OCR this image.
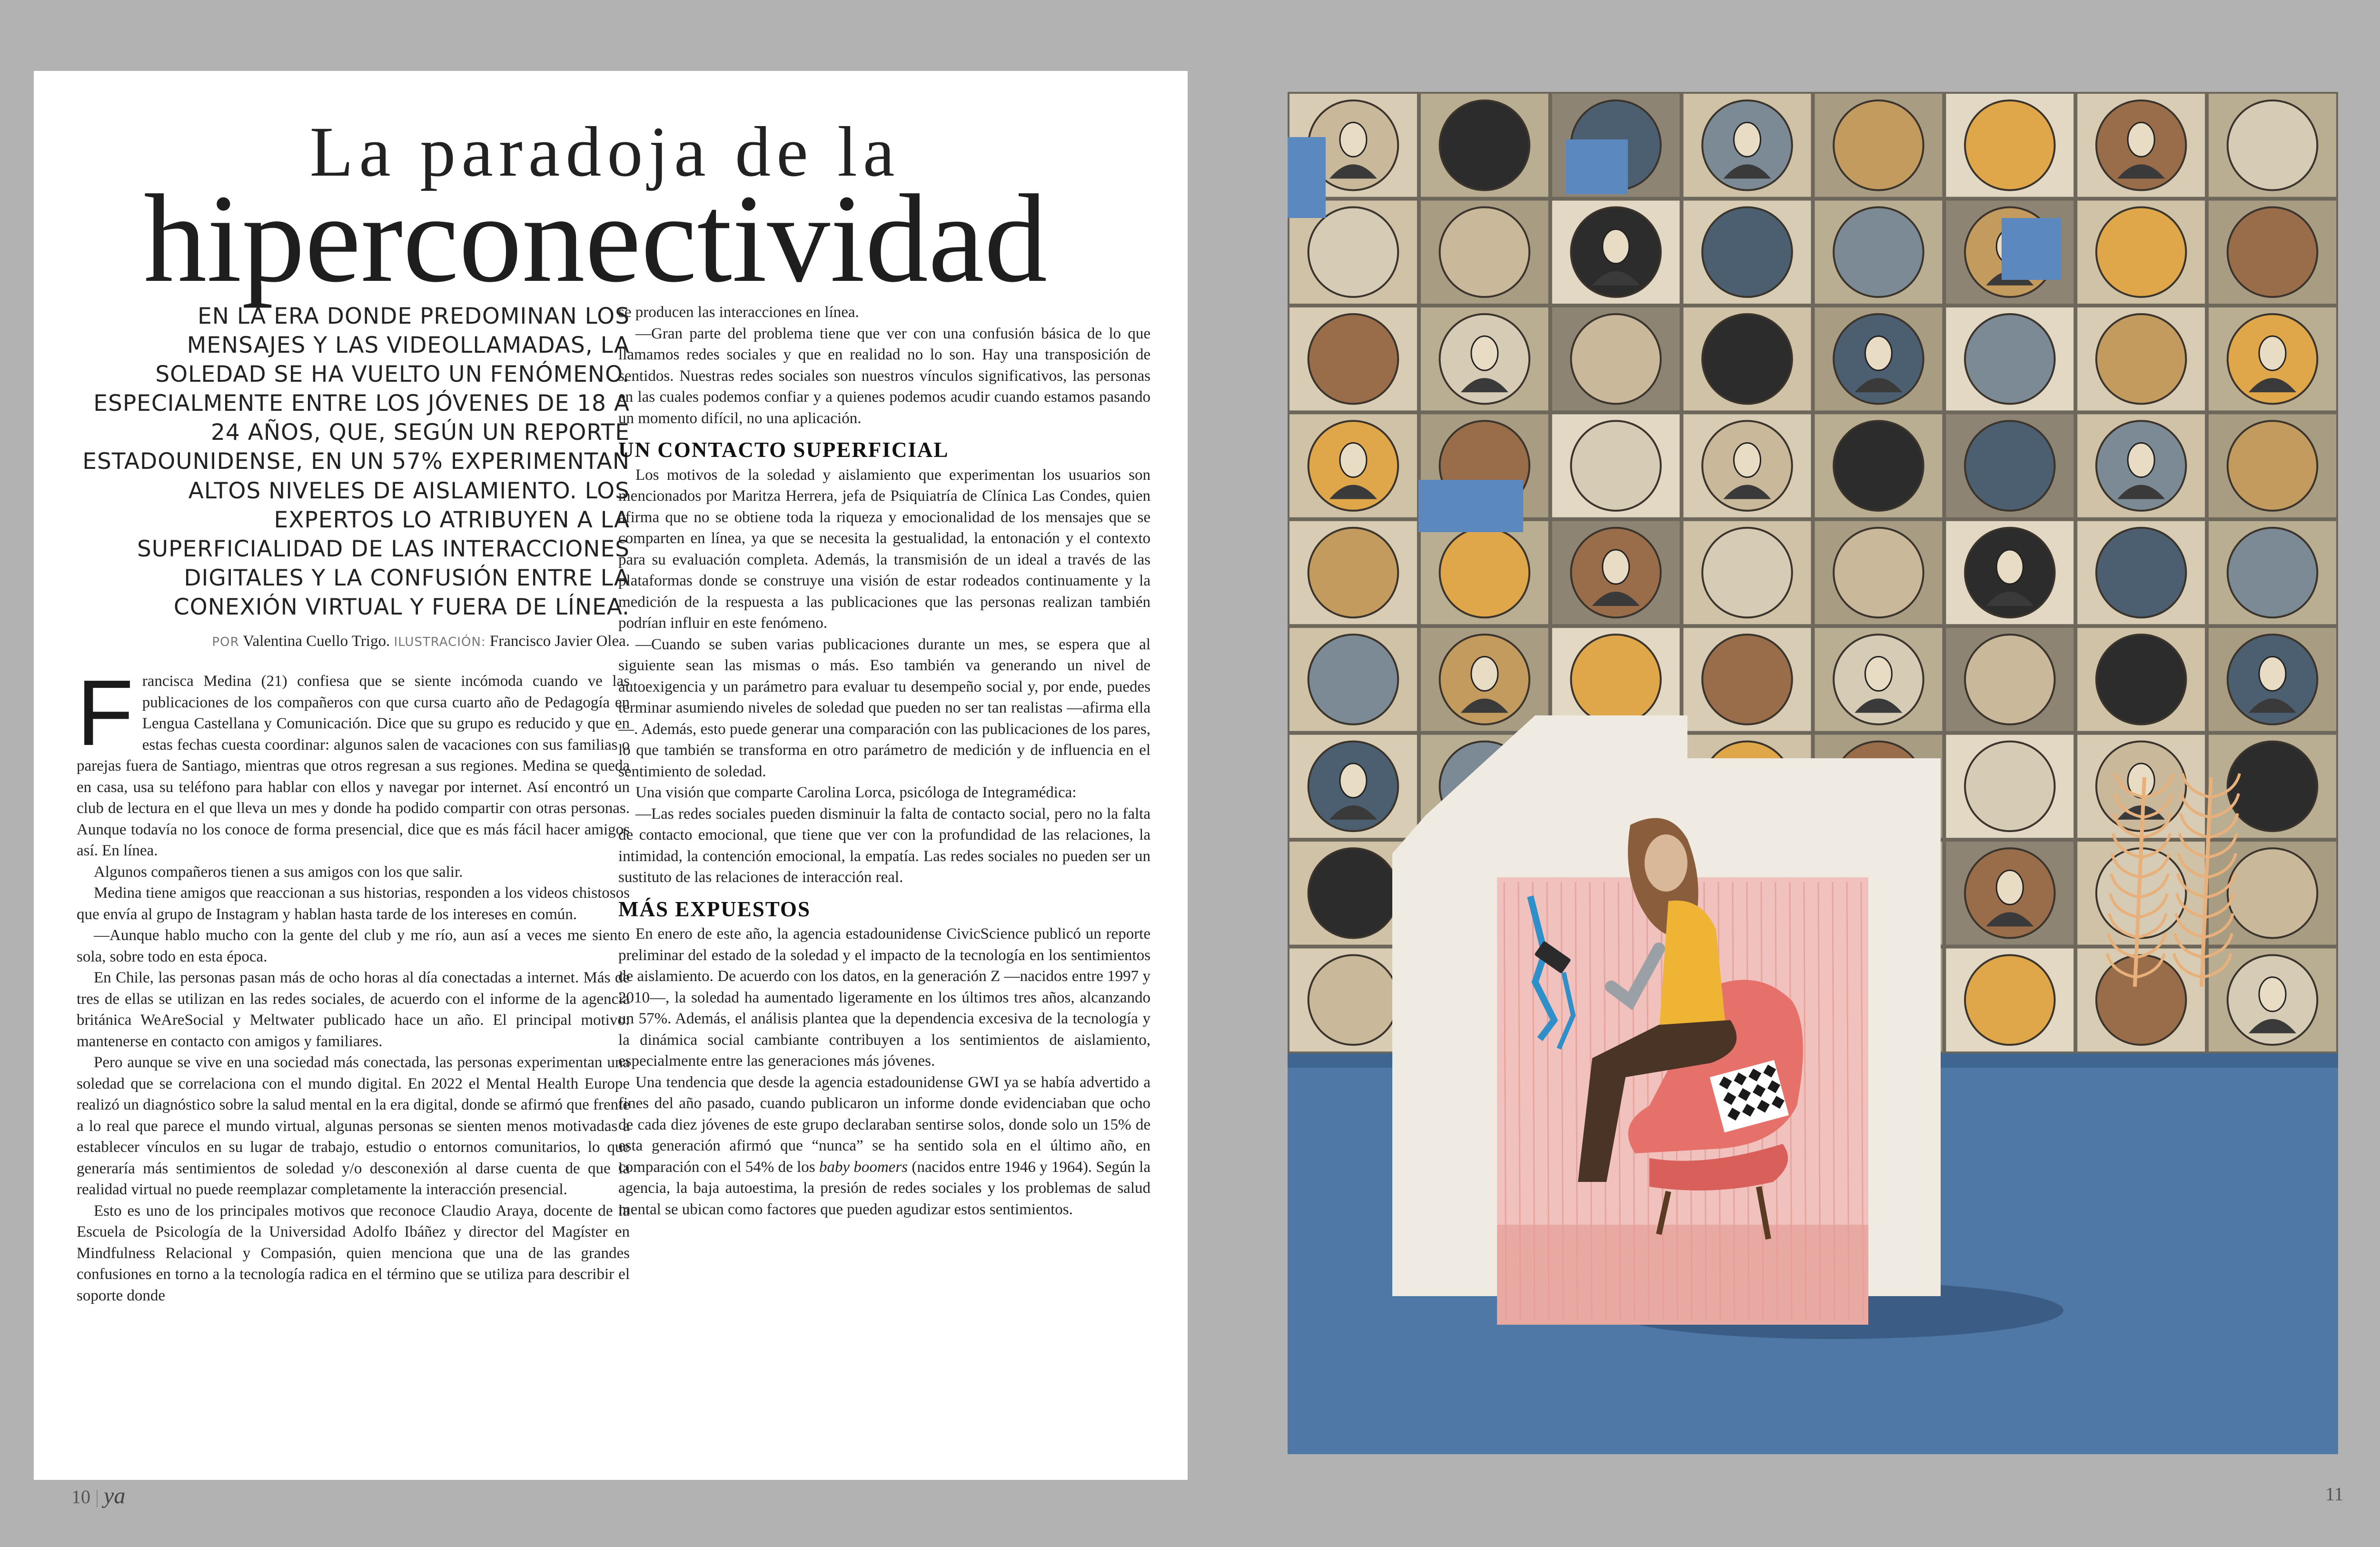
La paradoja de la
hiperconectividad

EN LA ERA DONDE PREDOMINAN LOS MENSAJES Y LAS VIDEOLLAMADAS, LA SOLEDAD SE HA VUELTO UN FENÓMENO. ESPECIALMENTE ENTRE LOS JÓVENES DE 18 A 24 AÑOS, QUE, SEGÚN UN REPORTE ESTADOUNIDENSE, EN UN 57% EXPERIMENTAN ALTOS NIVELES DE AISLAMIENTO. LOS EXPERTOS LO ATRIBUYEN A LA SUPERFICIALIDAD DE LAS INTERACCIONES DIGITALES Y LA CONFUSIÓN ENTRE LA CONEXIÓN VIRTUAL Y FUERA DE LÍNEA.

POR Valentina Cuello Trigo. ILUSTRACIÓN: Francisco Javier Olea.

Francisca Medina (21) confiesa que se siente incómoda cuando ve las publicaciones de los compañeros con que cursa cuarto año de Pedagogía en Lengua Castellana y Comunicación. Dice que su grupo es reducido y que en estas fechas cuesta coordinar: algunos salen de vacaciones con sus familias o parejas fuera de Santiago, mientras que otros regresan a sus regiones. Medina se queda en casa, usa su teléfono para hablar con ellos y navegar por internet. Así encontró un club de lectura en el que lleva un mes y donde ha podido compartir con otras personas. Aunque todavía no los conoce de forma presencial, dice que es más fácil hacer amigos así. En línea.

Algunos compañeros tienen a sus amigos con los que salir.

Medina tiene amigos que reaccionan a sus historias, responden a los videos chistosos que envía al grupo de Instagram y hablan hasta tarde de los intereses en común.

—Aunque hablo mucho con la gente del club y me río, aun así a veces me siento sola, sobre todo en esta época.

En Chile, las personas pasan más de ocho horas al día conectadas a internet. Más de tres de ellas se utilizan en las redes sociales, de acuerdo con el informe de la agencia británica WeAreSocial y Meltwater publicado hace un año. El principal motivo: mantenerse en contacto con amigos y familiares.

Pero aunque se vive en una sociedad más conectada, las personas experimentan una soledad que se correlaciona con el mundo digital. En 2022 el Mental Health Europe realizó un diagnóstico sobre la salud mental en la era digital, donde se afirmó que frente a lo real que parece el mundo virtual, algunas personas se sienten menos motivadas a establecer vínculos en su lugar de trabajo, estudio o entornos comunitarios, lo que generaría más sentimientos de soledad y/o desconexión al darse cuenta de que la realidad virtual no puede reemplazar completamente la interacción presencial.

Esto es uno de los principales motivos que reconoce Claudio Araya, docente de la Escuela de Psicología de la Universidad Adolfo Ibáñez y director del Magíster en Mindfulness Relacional y Compasión, quien menciona que una de las grandes confusiones en torno a la tecnología radica en el término que se utiliza para describir el soporte donde

se producen las interacciones en línea.

—Gran parte del problema tiene que ver con una confusión básica de lo que llamamos redes sociales y que en realidad no lo son. Hay una transposición de sentidos. Nuestras redes sociales son nuestros vínculos significativos, las personas en las cuales podemos confiar y a quienes podemos acudir cuando estamos pasando un momento difícil, no una aplicación.

UN CONTACTO SUPERFICIAL

Los motivos de la soledad y aislamiento que experimentan los usuarios son mencionados por Maritza Herrera, jefa de Psiquiatría de Clínica Las Condes, quien afirma que no se obtiene toda la riqueza y emocionalidad de los mensajes que se comparten en línea, ya que se necesita la gestualidad, la entonación y el contexto para su evaluación completa. Además, la transmisión de un ideal a través de las plataformas donde se construye una visión de estar rodeados continuamente y la medición de la respuesta a las publicaciones que las personas realizan también podrían influir en este fenómeno.

—Cuando se suben varias publicaciones durante un mes, se espera que al siguiente sean las mismas o más. Eso también va generando un nivel de autoexigencia y un parámetro para evaluar tu desempeño social y, por ende, puedes terminar asumiendo niveles de soledad que pueden no ser tan realistas —afirma ella—. Además, esto puede generar una comparación con las publicaciones de los pares, lo que también se transforma en otro parámetro de medición y de influencia en el sentimiento de soledad.

Una visión que comparte Carolina Lorca, psicóloga de Integramédica:

—Las redes sociales pueden disminuir la falta de contacto social, pero no la falta de contacto emocional, que tiene que ver con la profundidad de las relaciones, la intimidad, la contención emocional, la empatía. Las redes sociales no pueden ser un sustituto de las relaciones de interacción real.

MÁS EXPUESTOS

En enero de este año, la agencia estadounidense CivicScience publicó un reporte preliminar del estado de la soledad y el impacto de la tecnología en los sentimientos de aislamiento. De acuerdo con los datos, en la generación Z —nacidos entre 1997 y 2010—, la soledad ha aumentado ligeramente en los últimos tres años, alcanzando un 57%. Además, el análisis plantea que la dependencia excesiva de la tecnología y la dinámica social cambiante contribuyen a los sentimientos de aislamiento, especialmente entre las generaciones más jóvenes.

Una tendencia que desde la agencia estadounidense GWI ya se había advertido a fines del año pasado, cuando publicaron un informe donde evidenciaban que ocho de cada diez jóvenes de este grupo declaraban sentirse solos, donde solo un 15% de esta generación afirmó que “nunca” se ha sentido sola en el último año, en comparación con el 54% de los baby boomers (nacidos entre 1946 y 1964). Según la agencia, la baja autoestima, la presión de redes sociales y los problemas de salud mental se ubican como factores que pueden agudizar estos sentimientos.

10 | ya	11
